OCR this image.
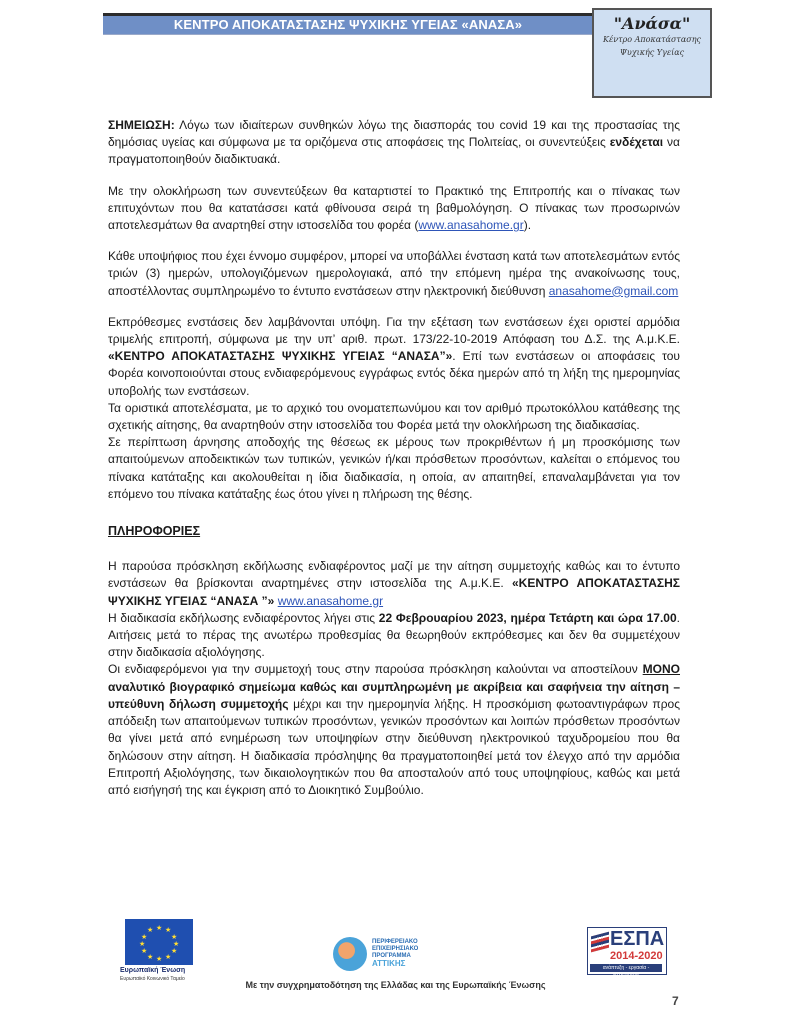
ΚΕΝΤΡΟ ΑΠΟΚΑΤΑΣΤΑΣΗΣ ΨΥΧΙΚΗΣ ΥΓΕΙΑΣ «ΑΝΑΣΑ»	"Ανάσα"
Κέντρο Αποκατάστασης
Ψυχικής Υγείας

ΣΗΜΕΙΩΣΗ: Λόγω των ιδιαίτερων συνθηκών λόγω της διασποράς του covid 19 και της προστασίας της δημόσιας υγείας και σύμφωνα με τα οριζόμενα στις αποφάσεις της Πολιτείας, οι συνεντεύξεις ενδέχεται να πραγματοποιηθούν διαδικτυακά.

Με την ολοκλήρωση των συνεντεύξεων θα καταρτιστεί το Πρακτικό της Επιτροπής και ο πίνακας των επιτυχόντων που θα κατατάσσει κατά φθίνουσα σειρά τη βαθμολόγηση. Ο πίνακας των προσωρινών αποτελεσμάτων θα αναρτηθεί στην ιστοσελίδα του φορέα (www.anasahome.gr).

Κάθε υποψήφιος που έχει έννομο συμφέρον, μπορεί να υποβάλλει ένσταση κατά των αποτελεσμάτων εντός τριών (3) ημερών, υπολογιζόμενων ημερολογιακά, από την επόμενη ημέρα της ανακοίνωσης τους, αποστέλλοντας συμπληρωμένο το έντυπο ενστάσεων στην ηλεκτρονική διεύθυνση anasahome@gmail.com

Εκπρόθεσμες ενστάσεις δεν λαμβάνονται υπόψη. Για την εξέταση των ενστάσεων έχει οριστεί αρμόδια τριμελής επιτροπή, σύμφωνα με την υπ’ αριθ. πρωτ. 173/22-10-2019 Απόφαση του Δ.Σ. της Α.μ.Κ.Ε. «ΚΕΝΤΡΟ ΑΠΟΚΑΤΑΣΤΑΣΗΣ ΨΥΧΙΚΗΣ ΥΓΕΙΑΣ “ΑΝΑΣΑ”». Επί των ενστάσεων οι αποφάσεις του Φορέα κοινοποιούνται στους ενδιαφερόμενους εγγράφως εντός δέκα ημερών από τη λήξη της ημερομηνίας υποβολής των ενστάσεων.

Τα οριστικά αποτελέσματα, με το αρχικό του ονοματεπωνύμου και τον αριθμό πρωτοκόλλου κατάθεσης της σχετικής αίτησης, θα αναρτηθούν στην ιστοσελίδα του Φορέα μετά την ολοκλήρωση της διαδικασίας.

Σε περίπτωση άρνησης αποδοχής της θέσεως εκ μέρους των προκριθέντων ή μη προσκόμισης των απαιτούμενων αποδεικτικών των τυπικών, γενικών ή/και πρόσθετων προσόντων, καλείται ο επόμενος του πίνακα κατάταξης και ακολουθείται η ίδια διαδικασία, η οποία, αν απαιτηθεί, επαναλαμβάνεται για τον επόμενο του πίνακα κατάταξης έως ότου γίνει η πλήρωση της θέσης.

ΠΛΗΡΟΦΟΡΙΕΣ

Η παρούσα πρόσκληση εκδήλωσης ενδιαφέροντος μαζί με την αίτηση συμμετοχής καθώς και το έντυπο ενστάσεων θα βρίσκονται αναρτημένες στην ιστοσελίδα της Α.μ.Κ.Ε. «ΚΕΝΤΡΟ ΑΠΟΚΑΤΑΣΤΑΣΗΣ ΨΥΧΙΚΗΣ ΥΓΕΙΑΣ “ΑΝΑΣΑ ”» www.anasahome.gr

Η διαδικασία εκδήλωσης ενδιαφέροντος λήγει στις 22 Φεβρουαρίου 2023, ημέρα Τετάρτη και ώρα 17.00. Αιτήσεις μετά το πέρας της ανωτέρω προθεσμίας θα θεωρηθούν εκπρόθεσμες και δεν θα συμμετέχουν στην διαδικασία αξιολόγησης.

Οι ενδιαφερόμενοι για την συμμετοχή τους στην παρούσα πρόσκληση καλούνται να αποστείλουν ΜΟΝΟ αναλυτικό βιογραφικό σημείωμα καθώς και συμπληρωμένη με ακρίβεια και σαφήνεια την αίτηση – υπεύθυνη δήλωση συμμετοχής μέχρι και την ημερομηνία λήξης. Η προσκόμιση φωτοαντιγράφων προς απόδειξη των απαιτούμενων τυπικών προσόντων, γενικών προσόντων και λοιπών πρόσθετων προσόντων θα γίνει μετά από ενημέρωση των υποψηφίων στην διεύθυνση ηλεκτρονικού ταχυδρομείου που θα δηλώσουν στην αίτηση. Η διαδικασία πρόσληψης θα πραγματοποιηθεί μετά τον έλεγχο από την αρμόδια Επιτροπή Αξιολόγησης, των δικαιολογητικών που θα αποσταλούν από τους υποψηφίους, καθώς και μετά από εισήγησή της και έγκριση από το Διοικητικό Συμβούλιο.

★ ★
★
★
★
★
★
★
★
★
★
★
Ευρωπαϊκή Ένωση
Ευρωπαϊκό Κοινωνικό Ταμείο
ΠΕΡΙΦΕΡΕΙΑΚΟ
ΕΠΙΧΕΙΡΗΣΙΑΚΟ
ΠΡΟΓΡΑΜΜΑ
ΑΤΤΙΚΗΣ
ΕΣΠΑ
2014-2020
ανάπτυξη - εργασία - αλληλεγγύη
Με την συγχρηματοδότηση της Ελλάδας και της Ευρωπαϊκής Ένωσης
7
